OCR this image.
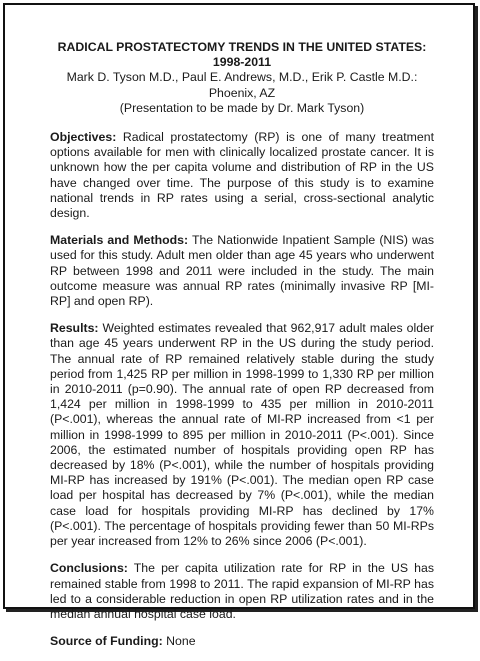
RADICAL PROSTATECTOMY TRENDS IN THE UNITED STATES: 1998-2011
Mark D. Tyson M.D., Paul E. Andrews, M.D., Erik P. Castle M.D.:
Phoenix, AZ
(Presentation to be made by Dr. Mark Tyson)

Objectives: Radical prostatectomy (RP) is one of many treatment options available for men with clinically localized prostate cancer. It is unknown how the per capita volume and distribution of RP in the US have changed over time. The purpose of this study is to examine national trends in RP rates using a serial, cross-sectional analytic design.

Materials and Methods: The Nationwide Inpatient Sample (NIS) was used for this study. Adult men older than age 45 years who underwent RP between 1998 and 2011 were included in the study. The main outcome measure was annual RP rates (minimally invasive RP [MI-RP] and open RP).

Results: Weighted estimates revealed that 962,917 adult males older than age 45 years underwent RP in the US during the study period. The annual rate of RP remained relatively stable during the study period from 1,425 RP per million in 1998-1999 to 1,330 RP per million in 2010-2011 (p=0.90). The annual rate of open RP decreased from 1,424 per million in 1998-1999 to 435 per million in 2010-2011 (P<.001), whereas the annual rate of MI-RP increased from <1 per million in 1998-1999 to 895 per million in 2010-2011 (P<.001). Since 2006, the estimated number of hospitals providing open RP has decreased by 18% (P<.001), while the number of hospitals providing MI-RP has increased by 191% (P<.001). The median open RP case load per hospital has decreased by 7% (P<.001), while the median case load for hospitals providing MI-RP has declined by 17% (P<.001). The percentage of hospitals providing fewer than 50 MI-RPs per year increased from 12% to 26% since 2006 (P<.001).

Conclusions: The per capita utilization rate for RP in the US has remained stable from 1998 to 2011. The rapid expansion of MI-RP has led to a considerable reduction in open RP utilization rates and in the median annual hospital case load.

Source of Funding: None
